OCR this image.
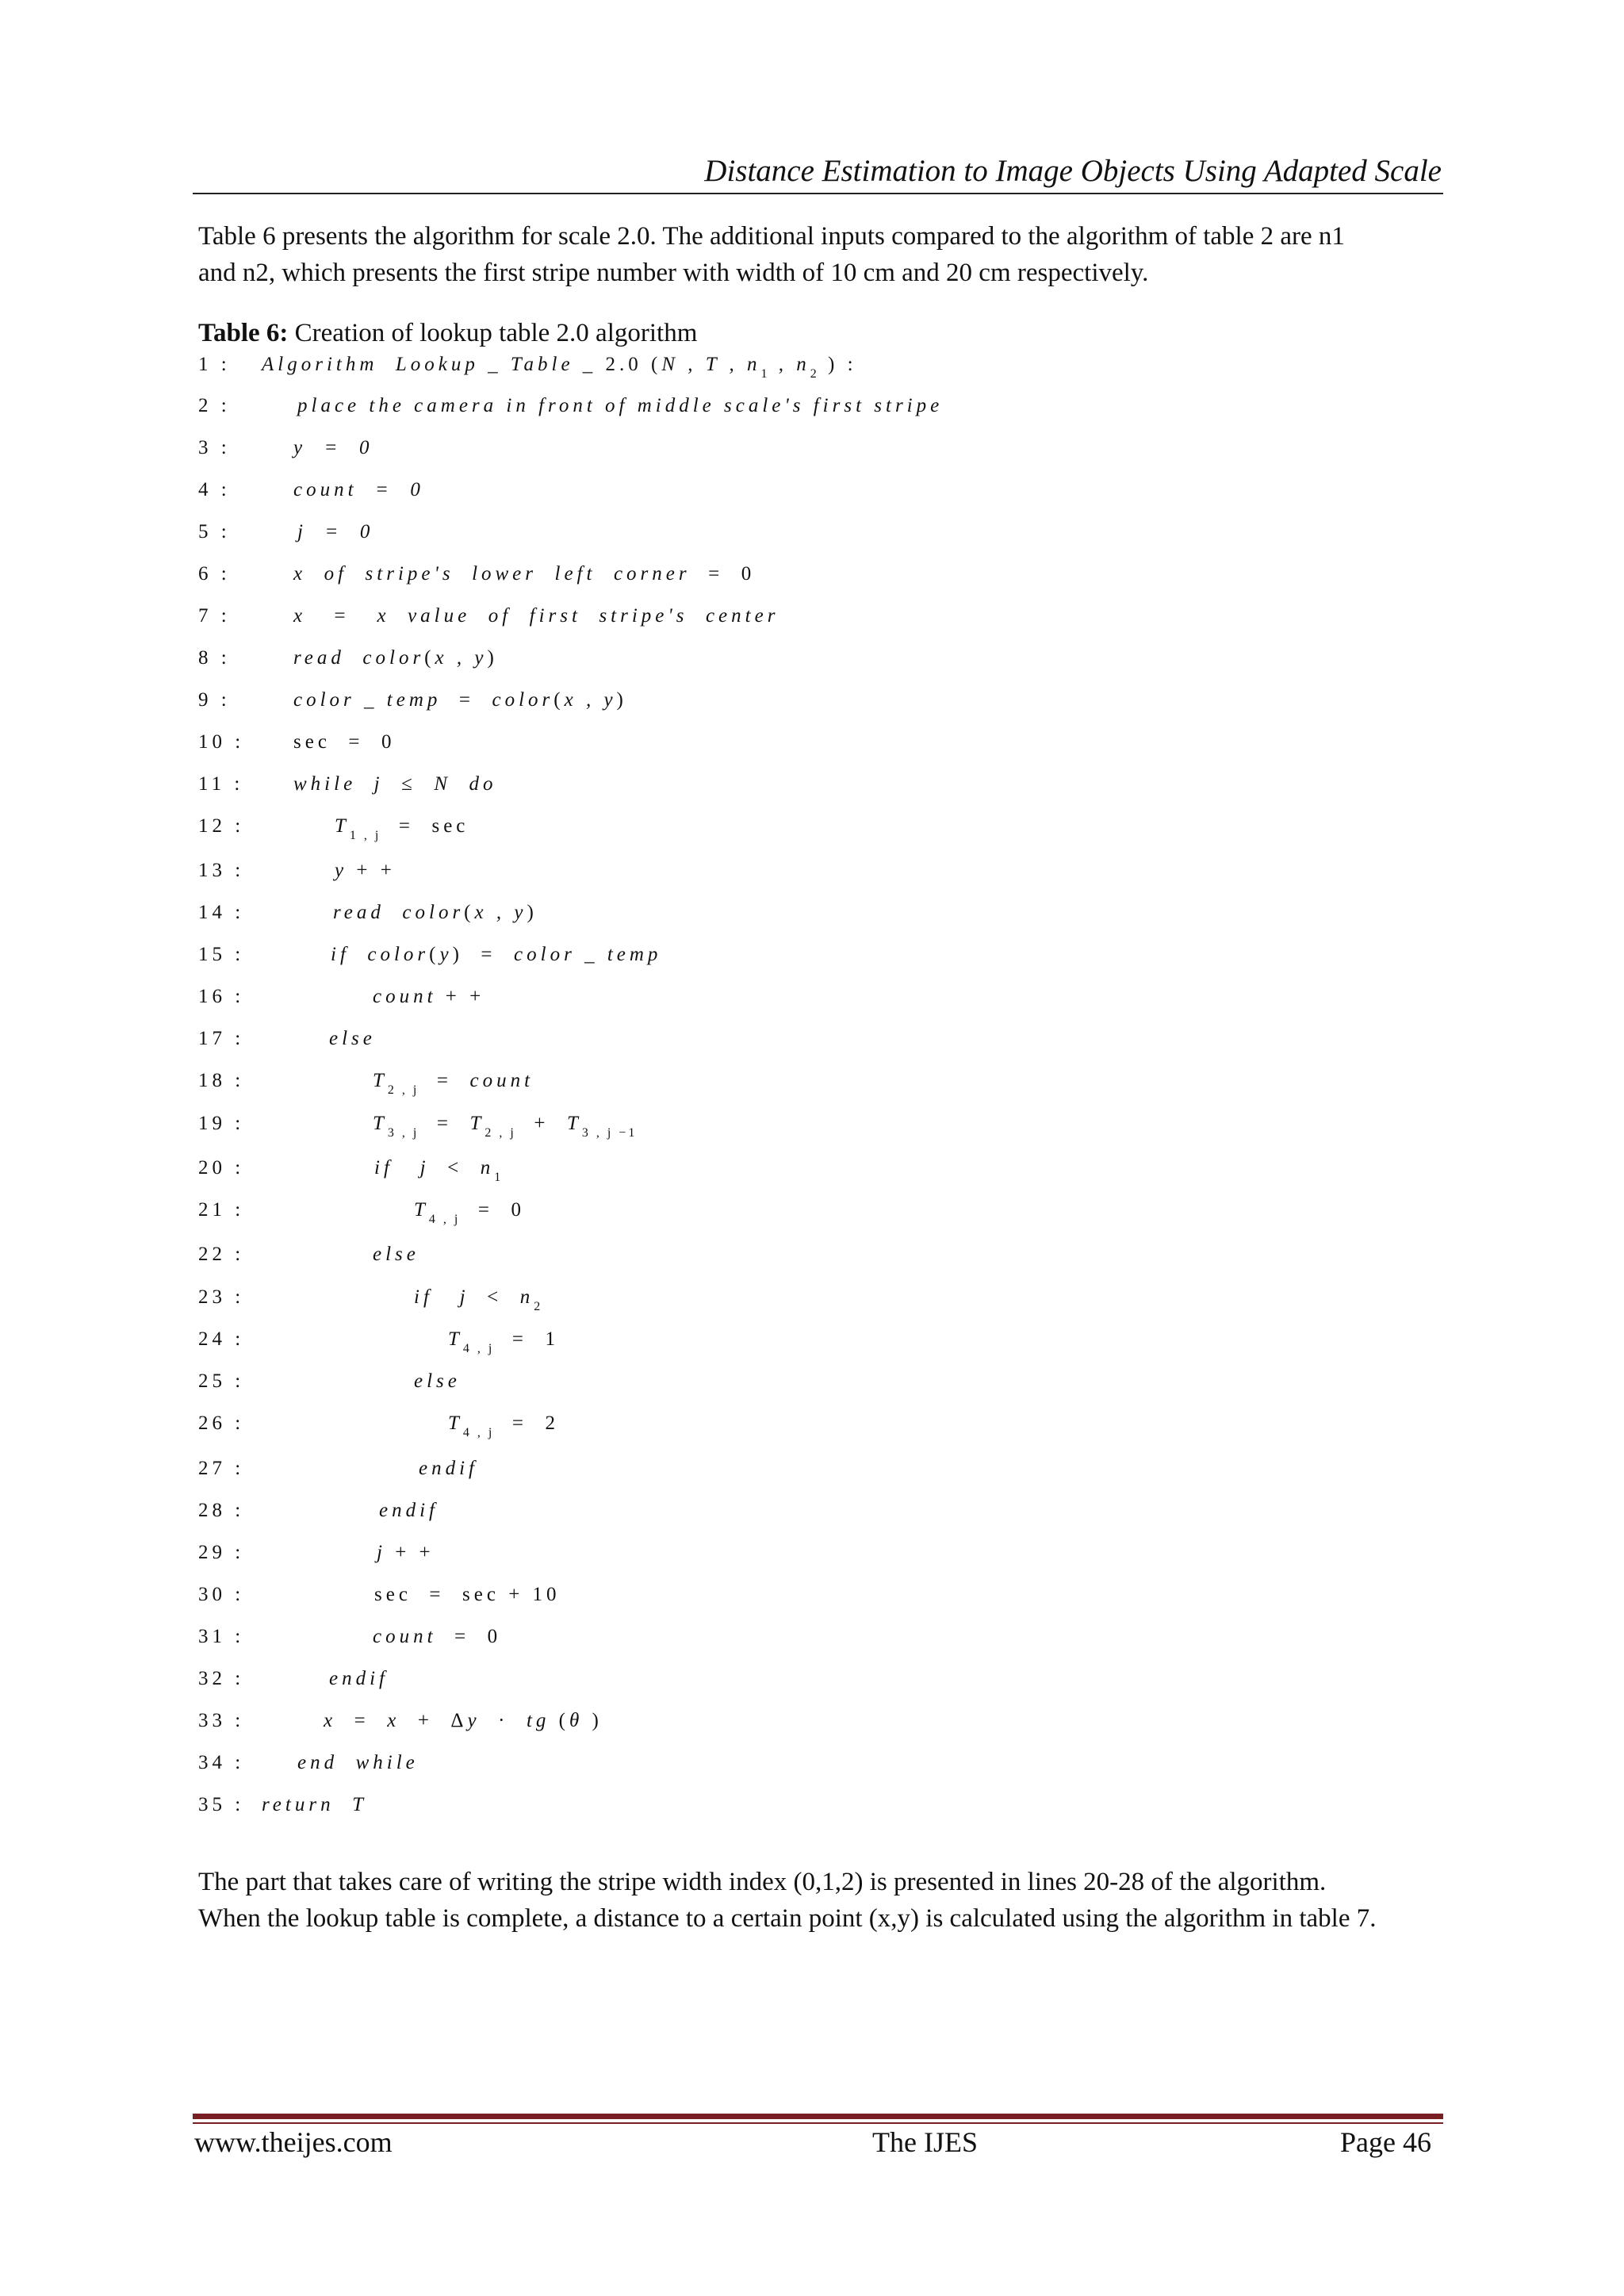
Distance Estimation to Image Objects Using Adapted Scale
Table 6 presents the algorithm for scale 2.0. The additional inputs compared to the algorithm of table 2 are n1
and n2, which presents the first stripe number with width of 10 cm and 20 cm respectively.
Table 6: Creation of lookup table 2.0 algorithm
1 : Algorithm  Lookup _ Table _ 2.0 (N , T , $n_1$ , $n_2$ ) :
2 :	place the camera in front of middle scale's first stripe
3 :	y  =  0
4 :	count  =  0
5 :	j  =  0
6 :	x  of  stripe's  lower  left  corner  =  0
7 :	x   =   x  value  of  first  stripe's  center
8 :	read  color(x , y)
9 :	color _ temp  =  color(x , y)
10 : sec  =  0
11 :	while  j  ≤  N  do
12 :	$T_{1 , j} = \sec$
13 :	y + +
14 :	read  color(x , y)
15 :	if  color(y)  =  color _ temp
16 :	count + +
17 :	else
18 :	$T_{2 , j}$  =  count
19 :	$T_{3 , j} = T_{2 , j} + T_{3 , j -1}$
20 :	if   $j < n_1$
21 :	$T_{4 , j} = 0$
22 :	else
23 :	if   $j < n_2$
24 :	$T_{4 , j} = 1$
25 :	else
26 :	$T_{4 , j} = 2$
27 :	endif
28 :	endif
29 :	j + +
30 :	sec  =  sec + 10
31 :	count  =  0
32 :	endif
33 :	x  =  x  +  Δy  ·  tg (θ )
34 :	end  while
35 : return  T
The part that takes care of writing the stripe width index (0,1,2) is presented in lines 20-28 of the algorithm.
When the lookup table is complete, a distance to a certain point (x,y) is calculated using the algorithm in table 7.
www.theijes.com	The IJES	Page 46
